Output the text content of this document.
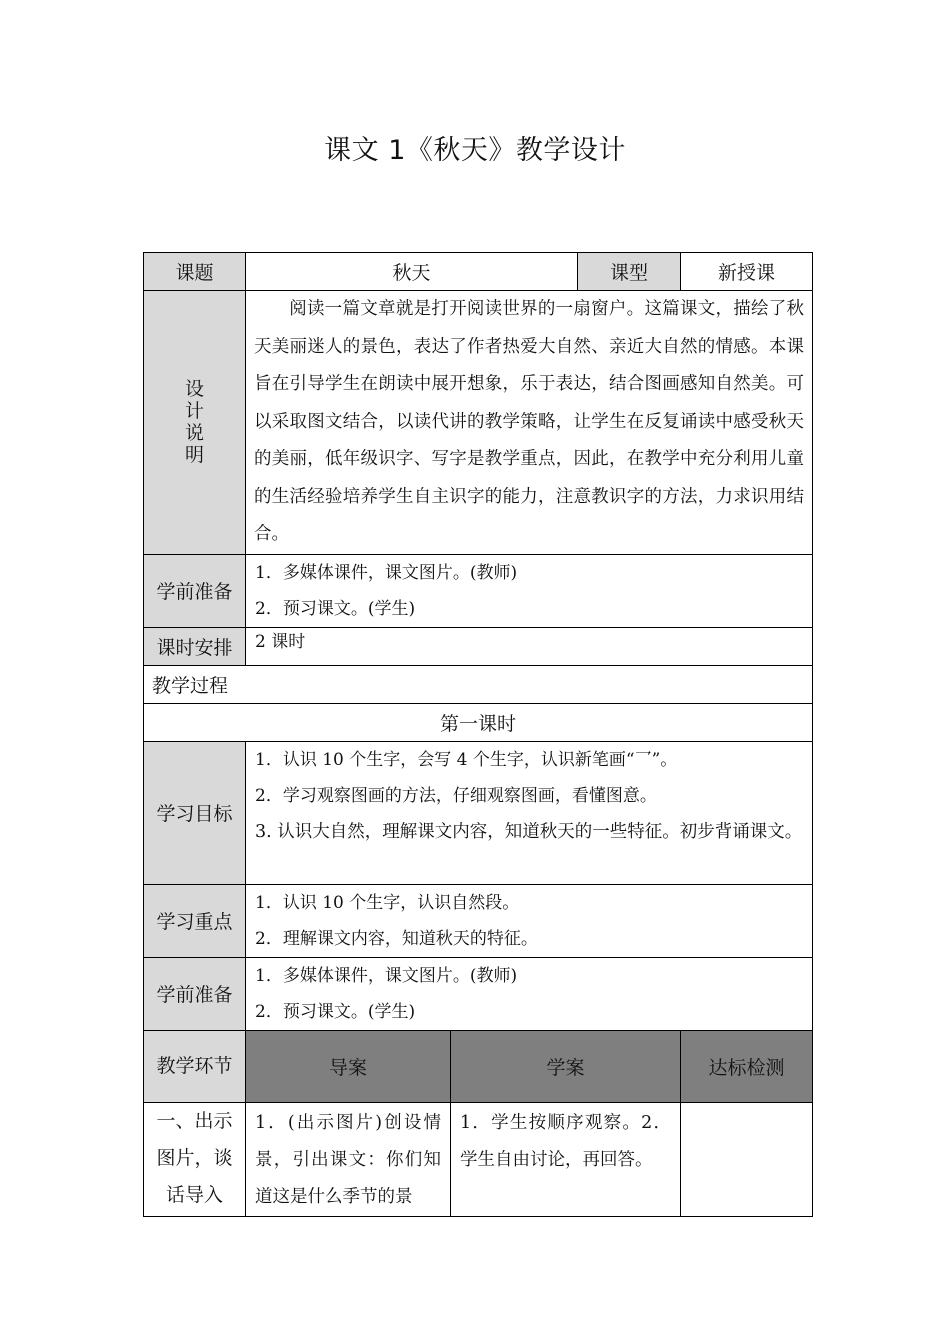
课文 1《秋天》教学设计
课题	秋天		课型	新授课

设
计
说
明	阅读一篇文章就是打开阅读世界的一扇窗户。这篇课文，描绘了秋天美丽迷人的景色，表达了作者热爱大自然、亲近大自然的情感。本课旨在引导学生在朗读中展开想象，乐于表达，结合图画感知自然美。可以采取图文结合，以读代讲的教学策略，让学生在反复诵读中感受秋天的美丽，低年级识字、写字是教学重点，因此，在教学中充分利用儿童的生活经验培养学生自主识字的能力，注意教识字的方法，力求识用结合。			
学前准备	1．多媒体课件，课文图片。(教师)
2．预习课文。(学生)			

课时安排	2 课时			

教学过程				
第一课时				
学习目标	1．认识 10 个生字，会写 4 个生字，认识新笔画“乛”。
2．学习观察图画的方法，仔细观察图画，看懂图意。
3. 认识大自然，理解课文内容，知道秋天的一些特征。初步背诵课文。			

学习重点	1．认识 10 个生字，认识自然段。
2．理解课文内容，知道秋天的特征。			

学前准备	1．多媒体课件，课文图片。(教师)
2．预习课文。(学生)			

教学环节	导案	学案		达标检测
一、出示图片，谈话导入	1．(出示图片)创设情景，引出课文：你们知道这是什么季节的景	1．学生按顺序观察。2．学生自由讨论，再回答。		
